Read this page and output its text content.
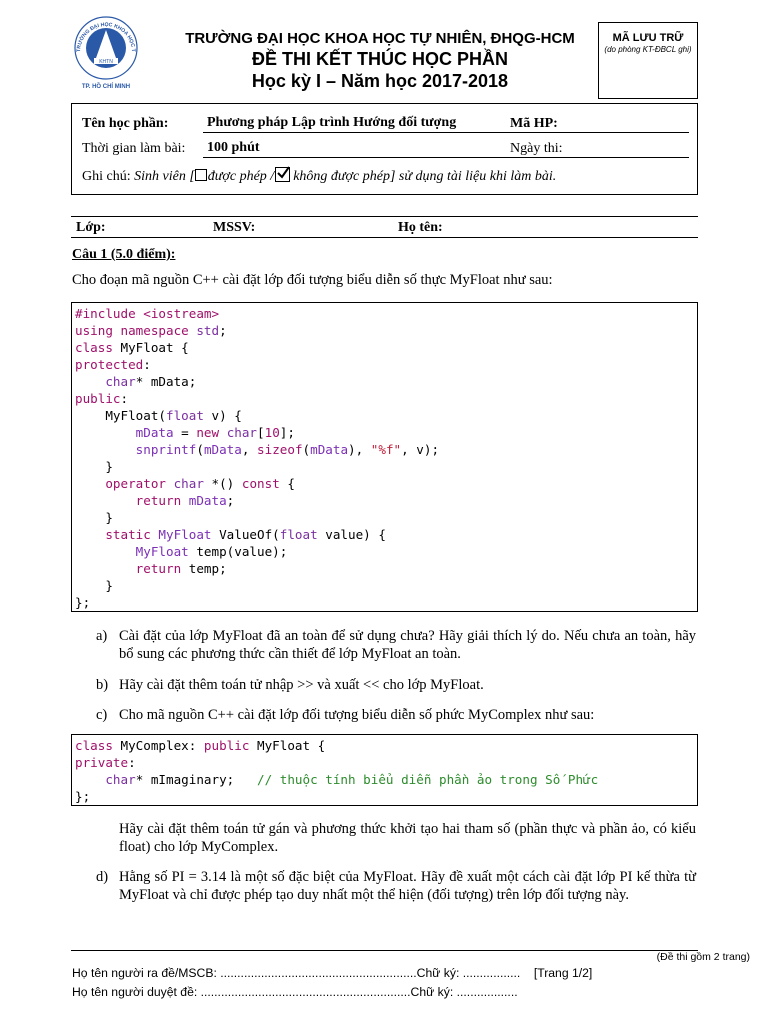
KHTN
TRƯỜNG ĐẠI HỌC KHOA HỌC T
TP. HỒ CHÍ MINH
TRƯỜNG ĐẠI HỌC KHOA HỌC TỰ NHIÊN, ĐHQG-HCM
ĐỀ THI KẾT THÚC HỌC PHẦN
Học kỳ I – Năm học 2017-2018
MÃ LƯU TRỮ
(do phòng KT-ĐBCL ghi)
Tên học phần:	Phương pháp Lập trình Hướng đối tượng	Mã HP:
Thời gian làm bài: 100 phút	Ngày thi:
Ghi chú: Sinh viên [ được phép / không được phép] sử dụng tài liệu khi làm bài.
Lớp:	MSSV:	Họ tên:
Câu 1 (5.0 điểm):
Cho đoạn mã nguồn C++ cài đặt lớp đối tượng biểu diễn số thực MyFloat như sau:
#include <iostream>
using namespace std;
class MyFloat {
protected:
char* mData;
public:
MyFloat(float v) {
mData = new char[10];
snprintf(mData, sizeof(mData), "%f", v);
}
operator char *() const {
return mData;
}
static MyFloat ValueOf(float value) {
MyFloat temp(value);
return temp;
}
};
a) Cài đặt của lớp MyFloat đã an toàn để sử dụng chưa? Hãy giải thích lý do. Nếu chưa an toàn, hãy bổ sung các phương thức cần thiết để lớp MyFloat an toàn.
b) Hãy cài đặt thêm toán tử nhập >> và xuất << cho lớp MyFloat.
c) Cho mã nguồn C++ cài đặt lớp đối tượng biểu diễn số phức MyComplex như sau:
class MyComplex: public MyFloat {
private:
char* mImaginary;   // thuộc tính biểu diễn phần ảo trong Số Phức
};
Hãy cài đặt thêm toán tử gán và phương thức khởi tạo hai tham số (phần thực và phần ảo, có kiểu float) cho lớp MyComplex.
d) Hằng số PI = 3.14 là một số đặc biệt của MyFloat. Hãy đề xuất một cách cài đặt lớp PI kế thừa từ MyFloat và chỉ được phép tạo duy nhất một thể hiện (đối tượng) trên lớp đối tượng này.
(Đề thi gồm 2 trang)
Họ tên người ra đề/MSCB: ..........................................................Chữ ký: .................    [Trang 1/2]
Họ tên người duyệt đề: ..............................................................Chữ ký: ..................
